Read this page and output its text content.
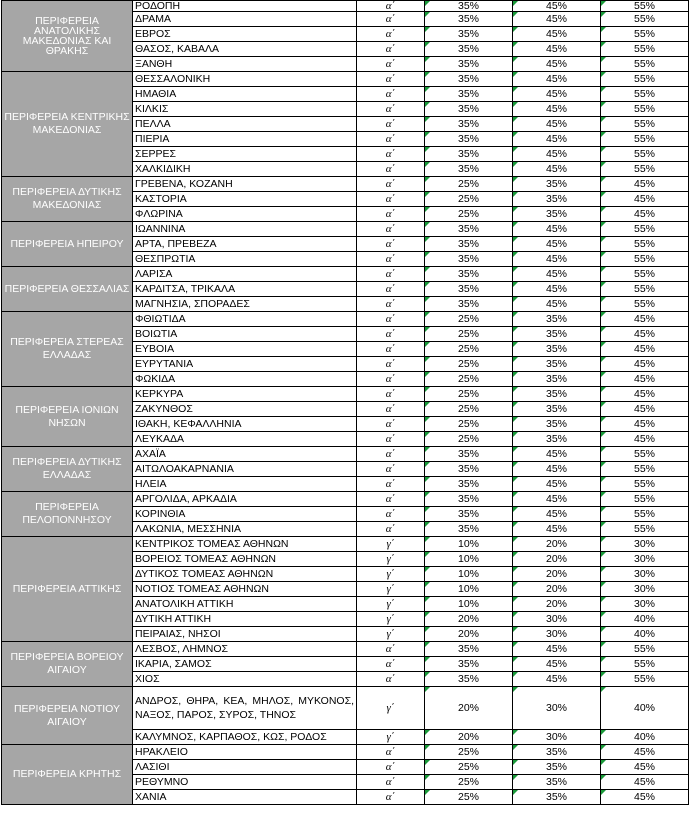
ΠΕΡΙΦΕΡΕΙΑ ΑΝΑΤΟΛΙΚΗΣ ΜΑΚΕΔΟΝΙΑΣ ΚΑΙ ΘΡΑΚΗΣ	ΡΟΔΟΠΗ	α΄	35%	45%	55%
	ΔΡΑΜΑ	α΄	35%	45%	55%
	ΕΒΡΟΣ	α΄	35%	45%	55%
	ΘΑΣΟΣ, ΚΑΒΑΛΑ	α΄	35%	45%	55%
	ΞΑΝΘΗ	α΄	35%	45%	55%
ΠΕΡΙΦΕΡΕΙΑ ΚΕΝΤΡΙΚΗΣ ΜΑΚΕΔΟΝΙΑΣ	ΘΕΣΣΑΛΟΝΙΚΗ	α΄	35%	45%	55%
	ΗΜΑΘΙΑ	α΄	35%	45%	55%
	ΚΙΛΚΙΣ	α΄	35%	45%	55%
	ΠΕΛΛΑ	α΄	35%	45%	55%
	ΠΙΕΡΙΑ	α΄	35%	45%	55%
	ΣΕΡΡΕΣ	α΄	35%	45%	55%
	ΧΑΛΚΙΔΙΚΗ	α΄	35%	45%	55%
ΠΕΡΙΦΕΡΕΙΑ ΔΥΤΙΚΗΣ ΜΑΚΕΔΟΝΙΑΣ	ΓΡΕΒΕΝΑ, ΚΟΖΑΝΗ	α΄	25%	35%	45%
	ΚΑΣΤΟΡΙΑ	α΄	25%	35%	45%
	ΦΛΩΡΙΝΑ	α΄	25%	35%	45%
ΠΕΡΙΦΕΡΕΙΑ ΗΠΕΙΡΟΥ	ΙΩΑΝΝΙΝΑ	α΄	35%	45%	55%
	ΑΡΤΑ, ΠΡΕΒΕΖΑ	α΄	35%	45%	55%
	ΘΕΣΠΡΩΤΙΑ	α΄	35%	45%	55%
ΠΕΡΙΦΕΡΕΙΑ ΘΕΣΣΑΛΙΑΣ	ΛΑΡΙΣΑ	α΄	35%	45%	55%
	ΚΑΡΔΙΤΣΑ, ΤΡΙΚΑΛΑ	α΄	35%	45%	55%
	ΜΑΓΝΗΣΙΑ, ΣΠΟΡΑΔΕΣ	α΄	35%	45%	55%
ΠΕΡΙΦΕΡΕΙΑ ΣΤΕΡΕΑΣ ΕΛΛΑΔΑΣ	ΦΘΙΩΤΙΔΑ	α΄	25%	35%	45%
	ΒΟΙΩΤΙΑ	α΄	25%	35%	45%
	ΕΥΒΟΙΑ	α΄	25%	35%	45%
	ΕΥΡΥΤΑΝΙΑ	α΄	25%	35%	45%
	ΦΩΚΙΔΑ	α΄	25%	35%	45%
ΠΕΡΙΦΕΡΕΙΑ ΙΟΝΙΩΝ ΝΗΣΩΝ	ΚΕΡΚΥΡΑ	α΄	25%	35%	45%
	ΖΑΚΥΝΘΟΣ	α΄	25%	35%	45%
	ΙΘΑΚΗ, ΚΕΦΑΛΛΗΝΙΑ	α΄	25%	35%	45%
	ΛΕΥΚΑΔΑ	α΄	25%	35%	45%
ΠΕΡΙΦΕΡΕΙΑ ΔΥΤΙΚΗΣ ΕΛΛΑΔΑΣ	ΑΧΑΪΑ	α΄	35%	45%	55%
	ΑΙΤΩΛΟΑΚΑΡΝΑΝΙΑ	α΄	35%	45%	55%
	ΗΛΕΙΑ	α΄	35%	45%	55%
ΠΕΡΙΦΕΡΕΙΑ ΠΕΛΟΠΟΝΝΗΣΟΥ	ΑΡΓΟΛΙΔΑ, ΑΡΚΑΔΙΑ	α΄	35%	45%	55%
	ΚΟΡΙΝΘΙΑ	α΄	35%	45%	55%
	ΛΑΚΩΝΙΑ, ΜΕΣΣΗΝΙΑ	α΄	35%	45%	55%
ΠΕΡΙΦΕΡΕΙΑ ΑΤΤΙΚΗΣ	ΚΕΝΤΡΙΚΟΣ ΤΟΜΕΑΣ ΑΘΗΝΩΝ	γ΄	10%	20%	30%
	ΒΟΡΕΙΟΣ ΤΟΜΕΑΣ ΑΘΗΝΩΝ	γ΄	10%	20%	30%
	ΔΥΤΙΚΟΣ ΤΟΜΕΑΣ ΑΘΗΝΩΝ	γ΄	10%	20%	30%
	ΝΟΤΙΟΣ ΤΟΜΕΑΣ ΑΘΗΝΩΝ	γ΄	10%	20%	30%
	ΑΝΑΤΟΛΙΚΗ ΑΤΤΙΚΗ	γ΄	10%	20%	30%
	ΔΥΤΙΚΗ ΑΤΤΙΚΗ	γ΄	20%	30%	40%
	ΠΕΙΡΑΙΑΣ, ΝΗΣΟΙ	γ΄	20%	30%	40%
ΠΕΡΙΦΕΡΕΙΑ ΒΟΡΕΙΟΥ ΑΙΓΑΙΟΥ	ΛΕΣΒΟΣ, ΛΗΜΝΟΣ	α΄	35%	45%	55%
	ΙΚΑΡΙΑ, ΣΑΜΟΣ	α΄	35%	45%	55%
	ΧΙΟΣ	α΄	35%	45%	55%
ΠΕΡΙΦΕΡΕΙΑ ΝΟΤΙΟΥ ΑΙΓΑΙΟΥ	ΑΝΔΡΟΣ, ΘΗΡΑ, ΚΕΑ, ΜΗΛΟΣ, ΜΥΚΟΝΟΣ, ΝΑΞΟΣ, ΠΑΡΟΣ, ΣΥΡΟΣ, ΤΗΝΟΣ	γ΄	20%	30%	40%
	ΚΑΛΥΜΝΟΣ, ΚΑΡΠΑΘΟΣ, ΚΩΣ, ΡΟΔΟΣ	γ΄	20%	30%	40%
ΠΕΡΙΦΕΡΕΙΑ ΚΡΗΤΗΣ	ΗΡΑΚΛΕΙΟ	α΄	25%	35%	45%
	ΛΑΣΙΘΙ	α΄	25%	35%	45%
	ΡΕΘΥΜΝΟ	α΄	25%	35%	45%
	ΧΑΝΙΑ	α΄	25%	35%	45%
